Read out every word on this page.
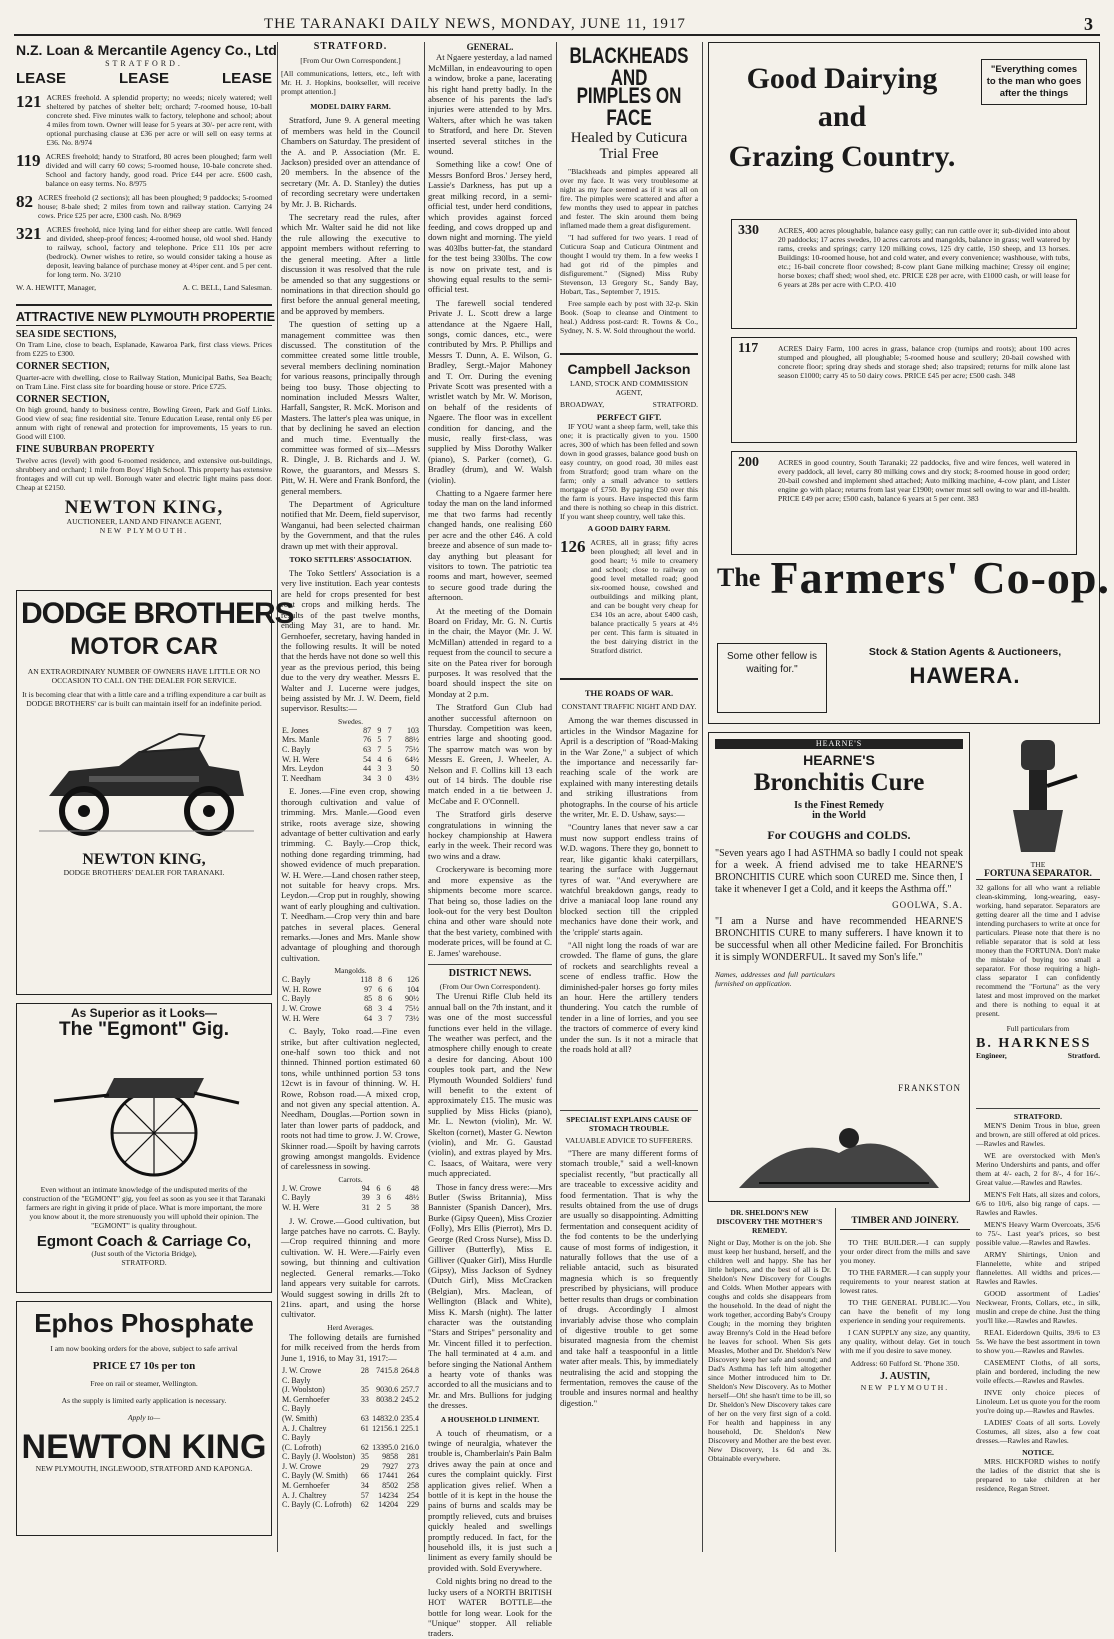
THE TARANAKI DAILY NEWS, MONDAY, JUNE 11, 1917	3
N.Z. Loan & Mercantile Agency Co., Ltd
STRATFORD.
LEASE	LEASE	LEASE
121 ACRES freehold. A splendid property; no weeds; nicely watered; well sheltered by patches of shelter belt; orchard; 7-roomed house, 10-ball concrete shed. Five minutes walk to factory, telephone and school; about 4 miles from town. Owner will lease for 5 years at 30/- per acre rent, with optional purchasing clause at £36 per acre or will sell on easy terms at £36. No. 8/974
119 ACRES freehold; handy to Stratford, 80 acres been ploughed; farm well divided and will carry 60 cows; 5-roomed house, 10-bale concrete shed. School and factory handy, good road. Price £44 per acre. £600 cash, balance on easy terms. No. 8/975
82 ACRES freehold (2 sections); all has been ploughed; 9 paddocks; 5-roomed house; 8-bale shed; 2 miles from town and railway station. Carrying 24 cows. Price £25 per acre, £300 cash. No. 8/969
321 ACRES freehold, nice lying land for either sheep are cattle. Well fenced and divided, sheep-proof fences; 4-roomed house, old wool shed. Handy to railway, school, factory and telephone. Price £11 10s per acre (bedrock). Owner wishes to retire, so would consider taking a house as deposit, leaving balance of purchase money at 4½per cent. and 5 per cent. for long term. No. 3/210
W. A. HEWITT, Manager,	A. C. BELL, Land Salesman.
ATTRACTIVE NEW PLYMOUTH PROPERTIE
SEA SIDE SECTIONS,
On Tram Line, close to beach, Esplanade, Kawaroa Park, first class views. Prices from £225 to £300.
CORNER SECTION,
Quarter-acre with dwelling, close to Railway Station, Municipal Baths, Sea Beach; on Tram Line. First class site for boarding house or store. Price £725.
CORNER SECTION,
On high ground, handy to business centre, Bowling Green, Park and Golf Links. Good view of sea; fine residential site. Tenure Education Lease, rental only £6 per annum with right of renewal and protection for improvements, 15 years to run. Good will £100.
FINE SUBURBAN PROPERTY
Twelve acres (level) with good 6-roomed residence, and extensive out-buildings, shrubbery and orchard; 1 mile from Boys' High School. This property has extensive frontages and will cut up well. Borough water and electric light mains pass door. Cheap at £2150.
NEWTON KING,
AUCTIONEER, LAND AND FINANCE AGENT,
NEW PLYMOUTH.
DODGE BROTHERS
MOTOR CAR
AN EXTRAORDINARY NUMBER OF OWNERS HAVE LITTLE OR NO OCCASION TO CALL ON THE DEALER FOR SERVICE.
It is becoming clear that with a little care and a trifling expenditure a car built as DODGE BROTHERS' car is built can maintain itself for an indefinite period.
NEWTON KING,
DODGE BROTHERS' DEALER FOR TARANAKI.
As Superior as it Looks—
The "Egmont" Gig.
Even without an intimate knowledge of the undisputed merits of the construction of the "EGMONT" gig, you feel as soon as you see it that Taranaki farmers are right in giving it pride of place. What is more important, the more you know about it, the more strenuously you will uphold their opinion. The "EGMONT" is quality throughout.
Egmont Coach & Carriage Co,
(Just south of the Victoria Bridge),
STRATFORD.
Ephos Phosphate
I am now booking orders for the above, subject to safe arrival
PRICE £7 10s per ton
Free on rail or steamer, Wellington.
As the supply is limited early application is necessary.
Apply to—
NEWTON KING
NEW PLYMOUTH, INGLEWOOD, STRATFORD AND KAPONGA.
STRATFORD.
[From Our Own Correspondent.]
[All communications, letters, etc., left with Mr. H. J. Hopkins, bookseller, will receive prompt attention.]
MODEL DAIRY FARM.
Stratford, June 9. A general meeting of members was held in the Council Chambers on Saturday. The president of the A. and P. Association (Mr. E. Jackson) presided over an attendance of 20 members. In the absence of the secretary (Mr. A. D. Stanley) the duties of recording secretary were undertaken by Mr. J. B. Richards.
The secretary read the rules, after which Mr. Walter said he did not like the rule allowing the executive to appoint members without referring to the general meeting. After a little discussion it was resolved that the rule be amended so that any suggestions or nominations in that direction should go first before the annual general meeting, and be approved by members.
The question of setting up a management committee was then discussed. The constitution of the committee created some little trouble, several members declining nomination for various reasons, principally through being too busy. Those objecting to nomination included Messrs Walter, Harfall, Sangster, R. McK. Morison and Masters. The latter's plea was unique, in that by declining he saved an election and much time. Eventually the committee was formed of six—Messrs R. Dingle, J. B. Richards and J. W. Rowe, the guarantors, and Messrs S. Pitt, W. H. Were and Frank Bonford, the general members.
The Department of Agriculture notified that Mr. Deem, field supervisor, Wanganui, had been selected chairman by the Government, and that the rules drawn up met with their approval.
TOKO SETTLERS' ASSOCIATION.
The Toko Settlers' Association is a very live institution. Each year contests are held for crops presented for best root crops and milking herds. The results of the past twelve months, ending May 31, are to hand. Mr. Gernhoefer, secretary, having handed in the following results. It will be noted that the herds have not done so well this year as the previous period, this being due to the very dry weather. Messrs E. Walter and J. Lucerne were judges, being assisted by Mr. J. W. Deem, field supervisor. Results:—
Swedes.
E. Jones	87	9	7	103
Mrs. Manle	76	5	7	88½
C. Bayly	63	7	5	75½
W. H. Were	54	4	6	64½
Mrs. Leydon	44	3	3	50
T. Needham	34	3	0	43½
E. Jones.—Fine even crop, showing thorough cultivation and value of trimming. Mrs. Manle.—Good even strike, roots average size, showing advantage of better cultivation and early trimming. C. Bayly.—Crop thick, nothing done regarding trimming, had showed evidence of much preparation. W. H. Were.—Land chosen rather steep, not suitable for heavy crops. Mrs. Leydon.—Crop put in roughly, showing want of early ploughing and cultivation. T. Needham.—Crop very thin and bare patches in several places. General remarks.—Jones and Mrs. Manle show advantage of ploughing and thorough cultivation.
Mangolds.
C. Bayly	118	8	6	126
W. H. Rowe	97	6	6	104
C. Bayly	85	8	6	90½
J. W. Crowe	68	3	4	75½
W. H. Were	64	3	7	73½
C. Bayly, Toko road.—Fine even strike, but after cultivation neglected, one-half sown too thick and not thinned. Thinned portion estimated 60 tons, while unthinned portion 53 tons 12cwt is in favour of thinning. W. H. Rowe, Robson road.—A mixed crop, and not given any special attention. A. Needham, Douglas.—Portion sown in later than lower parts of paddock, and roots not had time to grow. J. W. Crowe, Skinner road.—Spoilt by having carrots growing amongst mangolds. Evidence of carelessness in sowing.
Carrots.
J. W. Crowe	94	6	6	48
C. Bayly	39	3	6	48½
W. H. Were	31	2	5	38
J. W. Crowe.—Good cultivation, but large patches have no carrots. C. Bayly.—Crop required thinning and more cultivation. W. H. Were.—Fairly even sowing, but thinning and cultivation neglected. General remarks.—Toko land appears very suitable for carrots. Would suggest sowing in drills 2ft to 21ins. apart, and using the horse cultivator.
Herd Averages.
The following details are furnished for milk received from the herds from June 1, 1916, to May 31, 1917:—
J. W. Crowe	28	7415.8	264.8
C. Bayly			
(J. Woolston)	35	9030.6	257.7
M. Gernhoefer	33	8038.2	245.2
C. Bayly			
(W. Smith)	63	14832.0	235.4
A. J. Chaltrey	61	12156.1	225.1
C. Bayly			
(C. Lofroth)	62	13395.0	216.0
C. Bayly (J. Woolston)	35	9858	281
J. W. Crowe	29	7927	273
C. Bayly (W. Smith)	66	17441	264
M. Gernhoefer	34	8502	258
A. J. Chaltrey	57	14234	254
C. Bayly (C. Lofroth)	62	14204	229
GENERAL.
At Ngaere yesterday, a lad named McMillan, in endeavouring to open a window, broke a pane, lacerating his right hand pretty badly. In the absence of his parents the lad's injuries were attended to by Mrs. Walters, after which he was taken to Stratford, and here Dr. Steven inserted several stitches in the wound.
Something like a cow! One of Messrs Bonford Bros.' Jersey herd, Lassie's Darkness, has put up a great milking record, in a semi-official test, under herd conditions, which provides against forced feeding, and cows dropped up and down night and morning. The yield was 403lbs butter-fat, the standard for the test being 330lbs. The cow is now on private test, and is showing equal results to the semi-official test.
The farewell social tendered Private J. L. Scott drew a large attendance at the Ngaere Hall, songs, comic dances, etc., were contributed by Mrs. P. Phillips and Messrs T. Dunn, A. E. Wilson, G. Bradley, Sergt.-Major Mahoney and T. Orr. During the evening Private Scott was presented with a wristlet watch by Mr. W. Morison, on behalf of the residents of Ngaere. The floor was in excellent condition for dancing, and the music, really first-class, was supplied by Miss Dorothy Walker (piano), S. Parker (cornet), G. Bradley (drum), and W. Walsh (violin).
Chatting to a Ngaere farmer here today the man on the land informed me that two farms had recently changed hands, one realising £60 per acre and the other £46. A cold breeze and absence of sun made to-day anything but pleasant for visitors to town. The patriotic tea rooms and mart, however, seemed to secure good trade during the afternoon.
At the meeting of the Domain Board on Friday, Mr. G. N. Curtis in the chair, the Mayor (Mr. J. W. McMillan) attended in regard to a request from the council to secure a site on the Patea river for borough purposes. It was resolved that the board should inspect the site on Monday at 2 p.m.
The Stratford Gun Club had another successful afternoon on Thursday. Competition was keen, entries large and shooting good. The sparrow match was won by Messrs E. Green, J. Wheeler, A. Nelson and F. Collins kill 13 each out of 14 birds. The double rise match ended in a tie between J. McCabe and F. O'Connell.
The Stratford girls deserve congratulations in winning the hockey championship at Hawera early in the week. Their record was two wins and a draw.
Crockeryware is becoming more and more expensive as the shipments become more scarce. That being so, those ladies on the look-out for the very best Doulton china and other ware should note that the best variety, combined with moderate prices, will be found at C. E. James' warehouse.
DISTRICT NEWS.
(From Our Own Correspondent).
The Urenui Rifle Club held its annual ball on the 7th instant, and it was one of the most successful functions ever held in the village. The weather was perfect, and the atmosphere chilly enough to create a desire for dancing. About 100 couples took part, and the New Plymouth Wounded Soldiers' fund will benefit to the extent of approximately £15. The music was supplied by Miss Hicks (piano), Mr. L. Newton (violin), Mr. W. Skelton (cornet), Master G. Newton (violin), and Mr. G. Gaustad (violin), and extras played by Mrs. C. Isaacs, of Waitara, were very much appreciated.
Those in fancy dress were:—Mrs Butler (Swiss Britannia), Miss Bannister (Spanish Dancer), Mrs. Burke (Gipsy Queen), Miss Crozier (Folly), Mrs Ellis (Pierrot), Mrs D. George (Red Cross Nurse), Miss D. Gilliver (Butterfly), Miss E. Gilliver (Quaker Girl), Miss Hurdle (Gipsy), Miss Jackson of Sydney (Dutch Girl), Miss McCracken (Belgian), Mrs. Maclean, of Wellington (Black and White), Miss K. Marsh (night). The latter character was the outstanding "Stars and Stripes" personality and Mr. Vincent filled it to perfection. The hall terminated at 4 a.m. and before singing the National Anthem a hearty vote of thanks was accorded to all the musicians and to Mr. and Mrs. Bullions for judging the dresses.
A HOUSEHOLD LINIMENT.
A touch of rheumatism, or a twinge of neuralgia, whatever the trouble is, Chamberlain's Pain Balm drives away the pain at once and cures the complaint quickly. First application gives relief. When a bottle of it is kept in the house the pains of burns and scalds may be promptly relieved, cuts and bruises quickly healed and swellings promptly reduced. In fact, for the household ills, it is just such a liniment as every family should be provided with. Sold Everywhere.
Cold nights bring no dread to the lucky users of a NORTH BRITISH HOT WATER BOTTLE—the bottle for long wear. Look for the "Unique" stopper. All reliable traders.
BLACKHEADS AND
PIMPLES ON FACE
Healed by Cuticura
Trial Free
"Blackheads and pimples appeared all over my face. It was very troublesome at night as my face seemed as if it was all on fire. The pimples were scattered and after a few months they used to appear in patches and fester. The skin around them being inflamed made them a great disfigurement.
"I had suffered for two years. I read of Cuticura Soap and Cuticura Ointment and thought I would try them. In a few weeks I had got rid of the pimples and disfigurement." (Signed) Miss Ruby Stevenson, 13 Gregory St., Sandy Bay, Hobart, Tas., September 7, 1915.
Free sample each by post with 32-p. Skin Book. (Soap to cleanse and Ointment to heal.) Address post-card: R. Towns & Co., Sydney, N. S. W. Sold throughout the world.
Campbell Jackson
LAND, STOCK AND COMMISSION AGENT,
BROADWAY,	STRATFORD.
PERFECT GIFT.
IF YOU want a sheep farm, well, take this one; it is practically given to you. 1500 acres, 300 of which has been felled and sown down in good grasses, balance good bush on easy country, on good road, 30 miles east from Stratford; good tram whare on the farm; only a small advance to settlers mortgage of £750. By paying £50 over this the farm is yours. Have inspected this farm and there is nothing so cheap in this district. If you want sheep country, well take this.
A GOOD DAIRY FARM.
126 ACRES, all in grass; fifty acres been ploughed; all level and in good heart; ½ mile to creamery and school; close to railway on good level metalled road; good six-roomed house, cowshed and outbuildings and milking plant, and can be bought very cheap for £34 10s an acre, about £400 cash, balance practically 5 years at 4½ per cent. This farm is situated in the best dairying district in the Stratford district.
THE ROADS OF WAR.
CONSTANT TRAFFIC NIGHT AND DAY.
Among the war themes discussed in articles in the Windsor Magazine for April is a description of "Road-Making in the War Zone," a subject of which the importance and necessarily far-reaching scale of the work are explained with many interesting details and striking illustrations from photographs. In the course of his article the writer, Mr. E. D. Ushaw, says:—
"Country lanes that never saw a car must now support endless trains of W.D. wagons. There they go, bonnett to rear, like gigantic khaki caterpillars, tearing the surface with Juggernaut tyres of war. "And everywhere are watchful breakdown gangs, ready to drive a maniacal loop lane round any blocked section till the crippled mechanics have done their work, and the 'cripple' starts again.
"All night long the roads of war are crowded. The flame of guns, the glare of rockets and searchlights reveal a scene of endless traffic. How the diminished-paler horses go forty miles an hour. Here the artillery tenders thundering. You catch the rumble of tender in a line of lorries, and you see the tractors of commerce of every kind under the sun. Is it not a miracle that the roads hold at all?
SPECIALIST EXPLAINS CAUSE OF STOMACH TROUBLE.
VALUABLE ADVICE TO SUFFERERS.
"There are many different forms of stomach trouble," said a well-known specialist recently, "but practically all are traceable to excessive acidity and food fermentation. That is why the results obtained from the use of drugs are usually so disappointing. Admitting fermentation and consequent acidity of the fod contents to be the underlying cause of most forms of indigestion, it naturally follows that the use of a reliable antacid, such as bisurated magnesia which is so frequently prescribed by physicians, will produce better results than drugs or combination of drugs. Accordingly I almost invariably advise those who complain of digestive trouble to get some bisurated magnesia from the chemist and take half a teaspoonful in a little water after meals. This, by immediately neutralising the acid and stopping the fermentation, removes the cause of the trouble and insures normal and healthy digestion."
Good Dairying
and
Grazing Country.
"Everything comes to the man who goes after the things
330	ACRES, 400 acres ploughable, balance easy gully; can run cattle over it; sub-divided into about 20 paddocks; 17 acres swedes, 10 acres carrots and mangolds, balance in grass; well watered by rams, creeks and springs; carry 120 milking cows, 125 dry cattle, 150 sheep, and 13 horses. Buildings: 10-roomed house, hot and cold water, and every convenience; washhouse, with tubs, etc.; 16-bail concrete floor cowshed; 8-cow plant Gane milking machine; Cressy oil engine; horse boxes; chaff shed; wool shed, etc. PRICE £28 per acre, with £1000 cash, or will lease for 6 years at 28s per acre with C.P.O. 410
117	ACRES Dairy Farm, 100 acres in grass, balance crop (turnips and roots); about 100 acres stumped and ploughed, all ploughable; 5-roomed house and scullery; 20-bail cowshed with concrete floor; spring dray sheds and storage shed; also trapsired; returns for milk alone last season £1000; carry 45 to 50 dairy cows. PRICE £45 per acre; £500 cash. 348
200	ACRES in good country, South Taranaki; 22 paddocks, five and wire fences, well watered in every paddock, all level, carry 80 milking cows and dry stock; 8-roomed house in good order; 20-bail cowshed and implement shed attached; Auto milking machine, 4-cow plant, and Lister engine go with place; returns from last year £1900; owner must sell owing to war and ill-health. PRICE £49 per acre; £500 cash, balance 6 years at 5 per cent. 383
The Farmers' Co-op.
Some other fellow is waiting for."
Stock & Station Agents & Auctioneers,
HAWERA.
HEARNE'S
HEARNE'S
Bronchitis Cure
Is the Finest Remedy
in the World
For COUGHS and COLDS.
"Seven years ago I had ASTHMA so badly I could not speak for a week. A friend advised me to take HEARNE'S BRONCHITIS CURE which soon CURED me. Since then, I take it whenever I get a Cold, and it keeps the Asthma off."
GOOLWA, S.A.
"I am a Nurse and have recommended HEARNE'S BRONCHITIS CURE to many sufferers. I have known it to be successful when all other Medicine failed. For Bronchitis it is simply WONDERFUL. It saved my Son's life."
Names, addresses and full particulars furnished on application.
FRANKSTON
THE
FORTUNA SEPARATOR.
32 gallons for all who want a reliable clean-skimming, long-wearing, easy-working, hand separator. Separators are getting dearer all the time and I advise intending purchasers to write at once for particulars. Please note that there is no reliable separator that is sold at less money than the FORTUNA. Don't make the mistake of buying too small a separator. For those requiring a high-class separator I can confidently recommend the "Fortuna" as the very latest and most improved on the market and there is nothing to equal it at present.
Full particulars from
B. HARKNESS
Engineer,	Stratford.
STRATFORD.
MEN'S Denim Trous in blue, green and brown, are still offered at old prices. —Rawles and Rawles.
WE are overstocked with Men's Merino Undershirts and pants, and offer them at 4/- each, 2 for 8/-, 4 for 16/-. Great value.—Rawles and Rawles.
MEN'S Felt Hats, all sizes and colors, 6/6 to 10/6, also big range of caps. —Rawles and Rawles.
MEN'S Heavy Warm Overcoats, 35/6 to 75/-. Last year's prices, so best possible value.—Rawles and Rawles.
ARMY Shirtings, Union and Flannelette, white and striped flannelettes. All widths and prices.—Rawles and Rawles.
GOOD assortment of Ladies' Neckwear, Fronts, Collars, etc., in silk, muslin and crepe de chine. Just the thing you'll like.—Rawles and Rawles.
REAL Eiderdown Quilts, 39/6 to £3 5s. We have the best assortment in town to show you.—Rawles and Rawles.
CASEMENT Cloths, of all sorts, plain and bordered, including the new voile effects.—Rawles and Rawles.
INVE only choice pieces of Linoleum. Let us quote you for the room you're doing up.—Rawles and Rawles.
LADIES' Coats of all sorts. Lovely Costumes, all sizes, also a few coat dresses.—Rawles and Rawles.
NOTICE.
MRS. HICKFORD wishes to notify the ladies of the district that she is prepared to take children at her residence, Regan Street.
DR. SHELDON'S NEW DISCOVERY THE MOTHER'S REMEDY.
Night or Day, Mother is on the job. She must keep her husband, herself, and the children well and happy. She has her little helpers, and the best of all is Dr. Sheldon's New Discovery for Coughs and Colds. When Mother appears with coughs and colds she disappears from the household. In the dead of night the work together, according Baby's Croupy Cough; in the morning they brighten away Brenny's Cold in the Head before he leaves for school. When Sis gets Measles, Mother and Dr. Sheldon's New Discovery keep her safe and sound; and Dad's Asthma has left him altogether since Mother introduced him to Dr. Sheldon's New Discovery. As to Mother herself—Oh! she hasn't time to be ill, so Dr. Sheldon's New Discovery takes care of her on the very first sign of a cold. For health and happiness in any household, Dr. Sheldon's New Discovery and Mother are the best ever. New Discovery, 1s 6d and 3s. Obtainable everywhere.
TIMBER AND JOINERY.
TO THE BUILDER.—I can supply your order direct from the mills and save you money.
TO THE FARMER.—I can supply your requirements to your nearest station at lowest rates.
TO THE GENERAL PUBLIC.—You can have the benefit of my long experience in sending your requirements.
I CAN SUPPLY any size, any quantity, any quality, without delay. Get in touch with me if you desire to save money.
Address: 60 Fulford St. 'Phone 350.
J. AUSTIN,
NEW PLYMOUTH.
